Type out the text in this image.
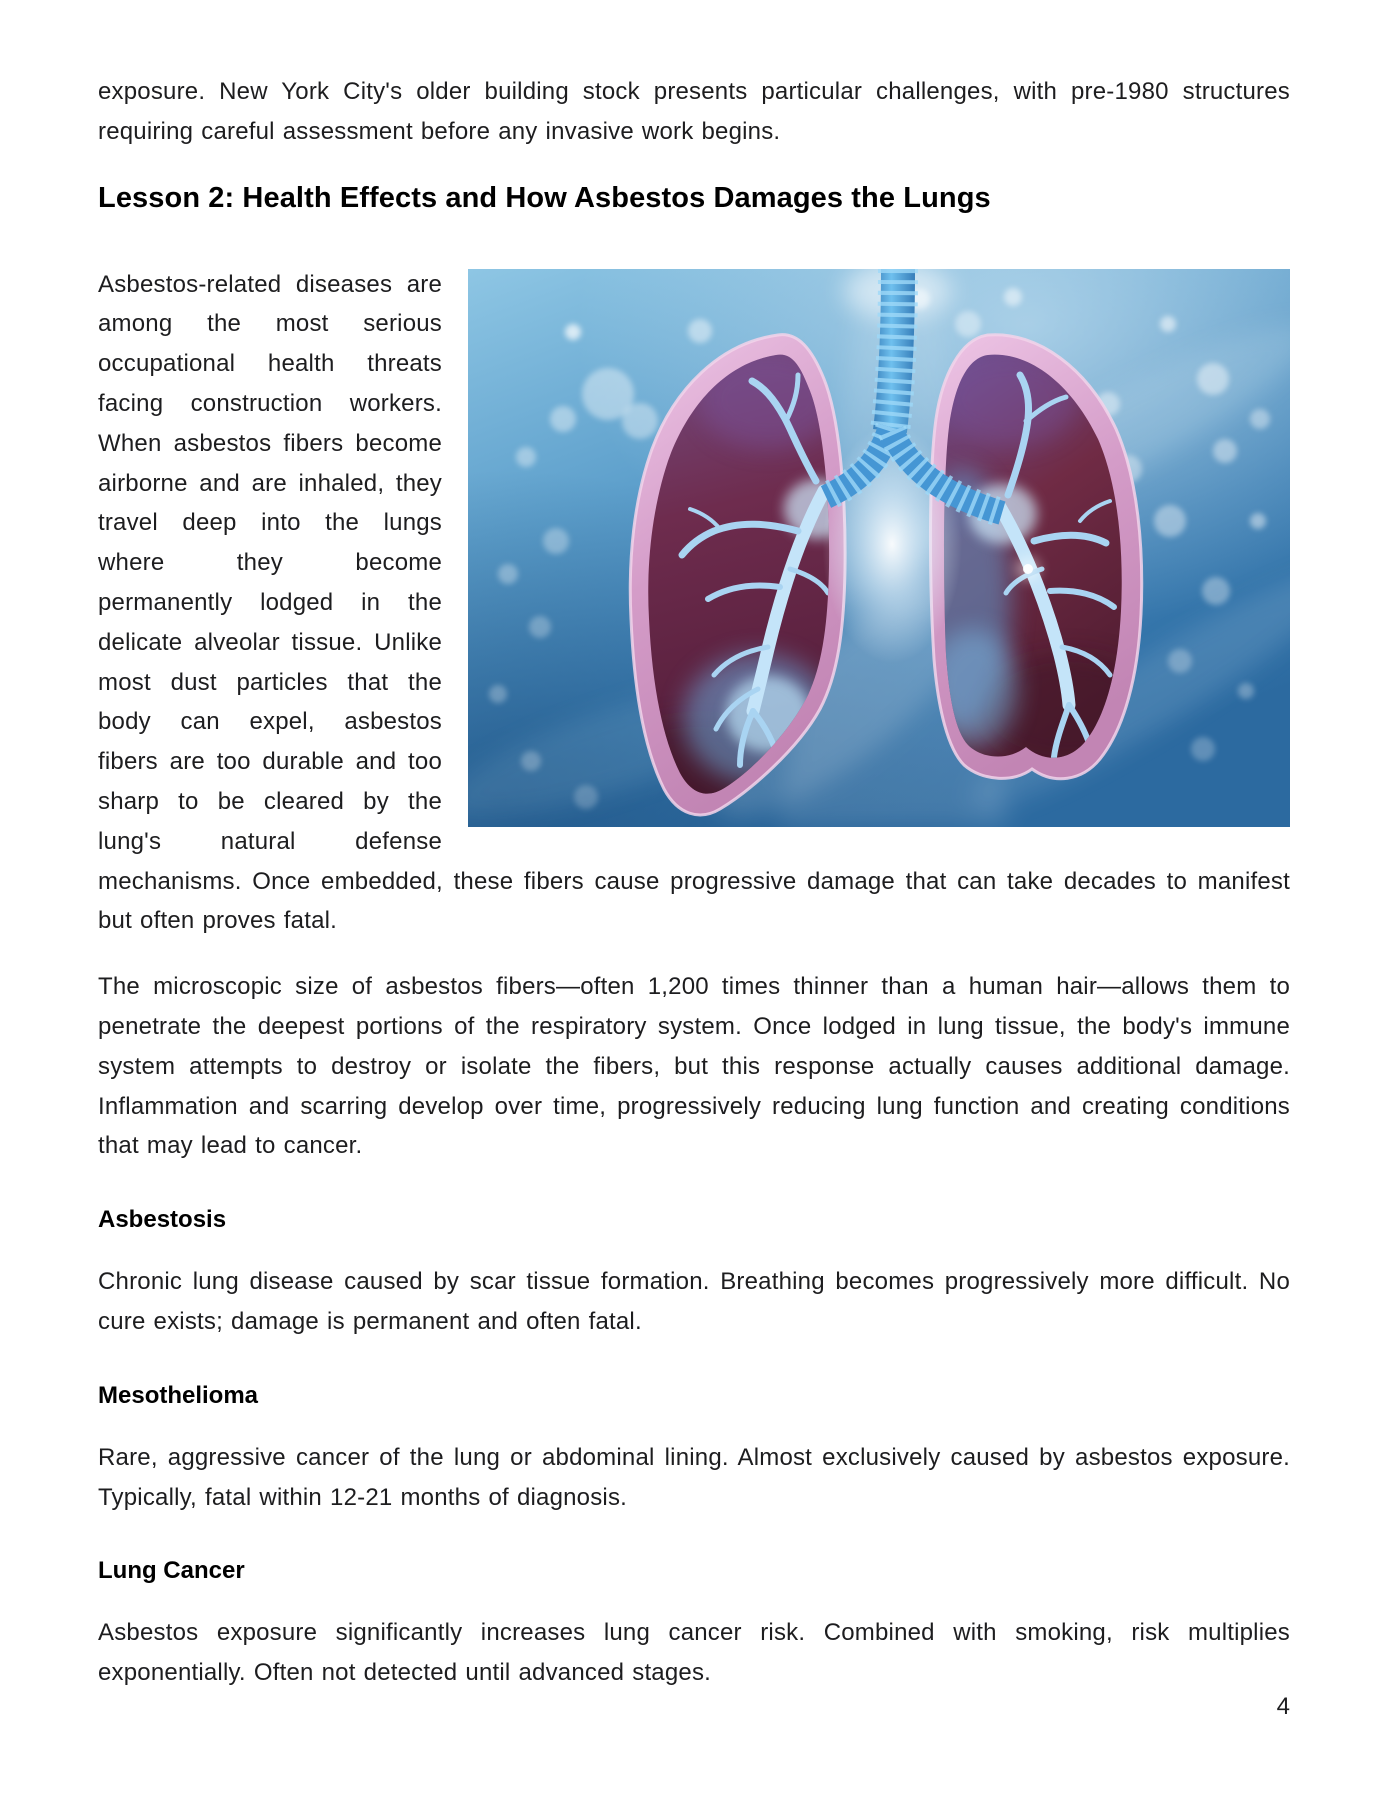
exposure. New York City's older building stock presents particular challenges, with pre-1980 structures requiring careful assessment before any invasive work begins.

Lesson 2: Health Effects and How Asbestos Damages the Lungs

Asbestos-related diseases are among the most serious occupational health threats facing construction workers. When asbestos fibers become airborne and are inhaled, they travel deep into the lungs where they become permanently lodged in the delicate alveolar tissue. Unlike most dust particles that the body can expel, asbestos fibers are too durable and too sharp to be cleared by the lung's natural defense mechanisms. Once embedded, these fibers cause progressive damage that can take decades to manifest but often proves fatal.

The microscopic size of asbestos fibers—often 1,200 times thinner than a human hair—allows them to penetrate the deepest portions of the respiratory system. Once lodged in lung tissue, the body's immune system attempts to destroy or isolate the fibers, but this response actually causes additional damage. Inflammation and scarring develop over time, progressively reducing lung function and creating conditions that may lead to cancer.

Asbestosis

Chronic lung disease caused by scar tissue formation. Breathing becomes progressively more difficult. No cure exists; damage is permanent and often fatal.

Mesothelioma

Rare, aggressive cancer of the lung or abdominal lining. Almost exclusively caused by asbestos exposure. Typically, fatal within 12-21 months of diagnosis.

Lung Cancer

Asbestos exposure significantly increases lung cancer risk. Combined with smoking, risk multiplies exponentially. Often not detected until advanced stages.

4
